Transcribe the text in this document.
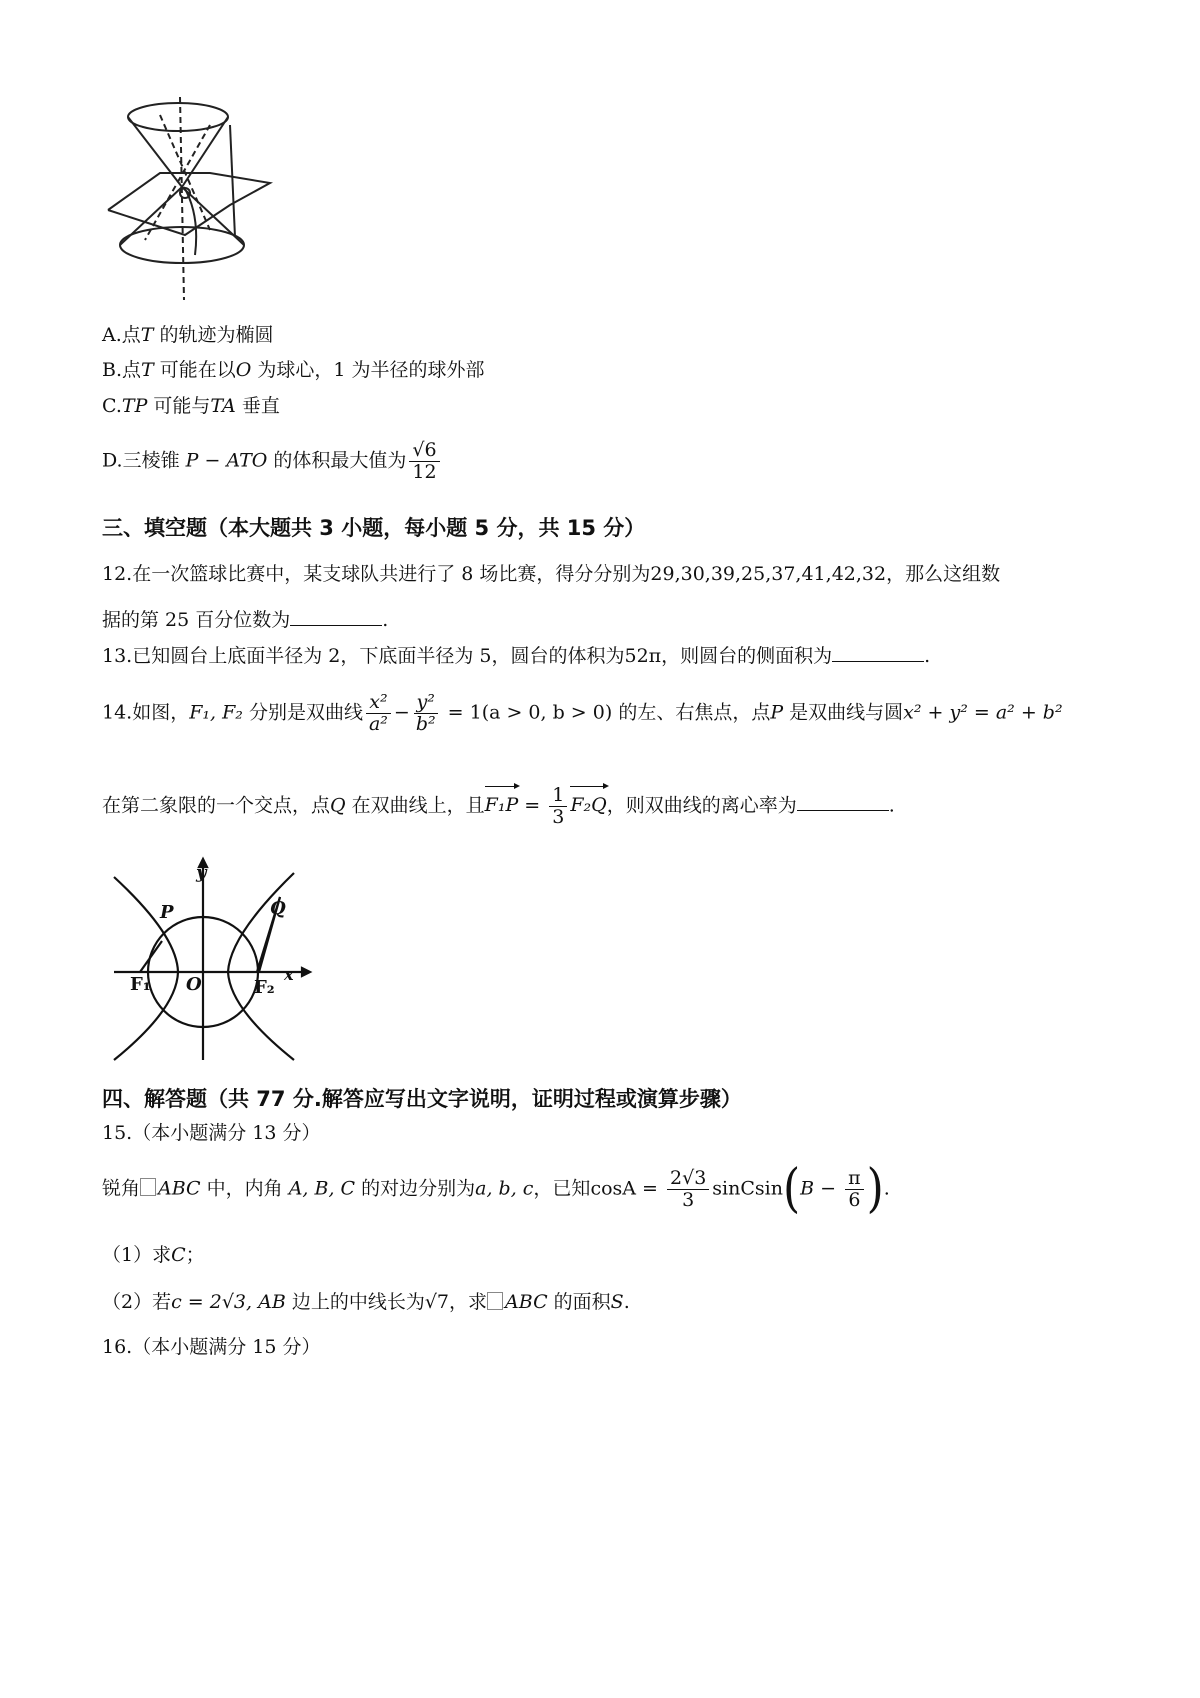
A.点T 的轨迹为椭圆
B.点T 可能在以O 为球心，1 为半径的球外部
C.TP 可能与TA 垂直
D.三棱锥 P − ATO 的体积最大值为 $\frac{√6}{12}$
三、填空题（本大题共 3 小题，每小题 5 分，共 15 分）
12.在一次篮球比赛中，某支球队共进行了 8 场比赛，得分分别为29,30,39,25,37,41,42,32，那么这组数
据的第 25 百分位数为	.
13.已知圆台上底面半径为 2，下底面半径为 5，圆台的体积为52π，则圆台的侧面积为	.
14.如图，F₁, F₂ 分别是双曲线 $\frac{\text{x²}}{\text{a²}} - \frac{\text{y²}}{\text{b²}} = 1(a > 0$, b > 0) 的左、右焦点，点P 是双曲线与圆x² + y² = a² + b²
在第二象限的一个交点，点Q 在双曲线上，且$F_1P = \frac{1}{3} F_2Q$，则双曲线的离心率为	.
y
x
P	Q
O
F₁	F₂
四、解答题（共 77 分.解答应写出文字说明，证明过程或演算步骤）
15.（本小题满分 13 分）
锐角 ABC 中，内角 A, B, C 的对边分别为a, b, c，已知$\cos A = \frac{2√3}{3}$ sinCsin(B − $\frac{\pi}{6}$ ).
（1）求C；
（2）若c = 2√3, AB 边上的中线长为√7，求 ABC 的面积S.
16.（本小题满分 15 分）
